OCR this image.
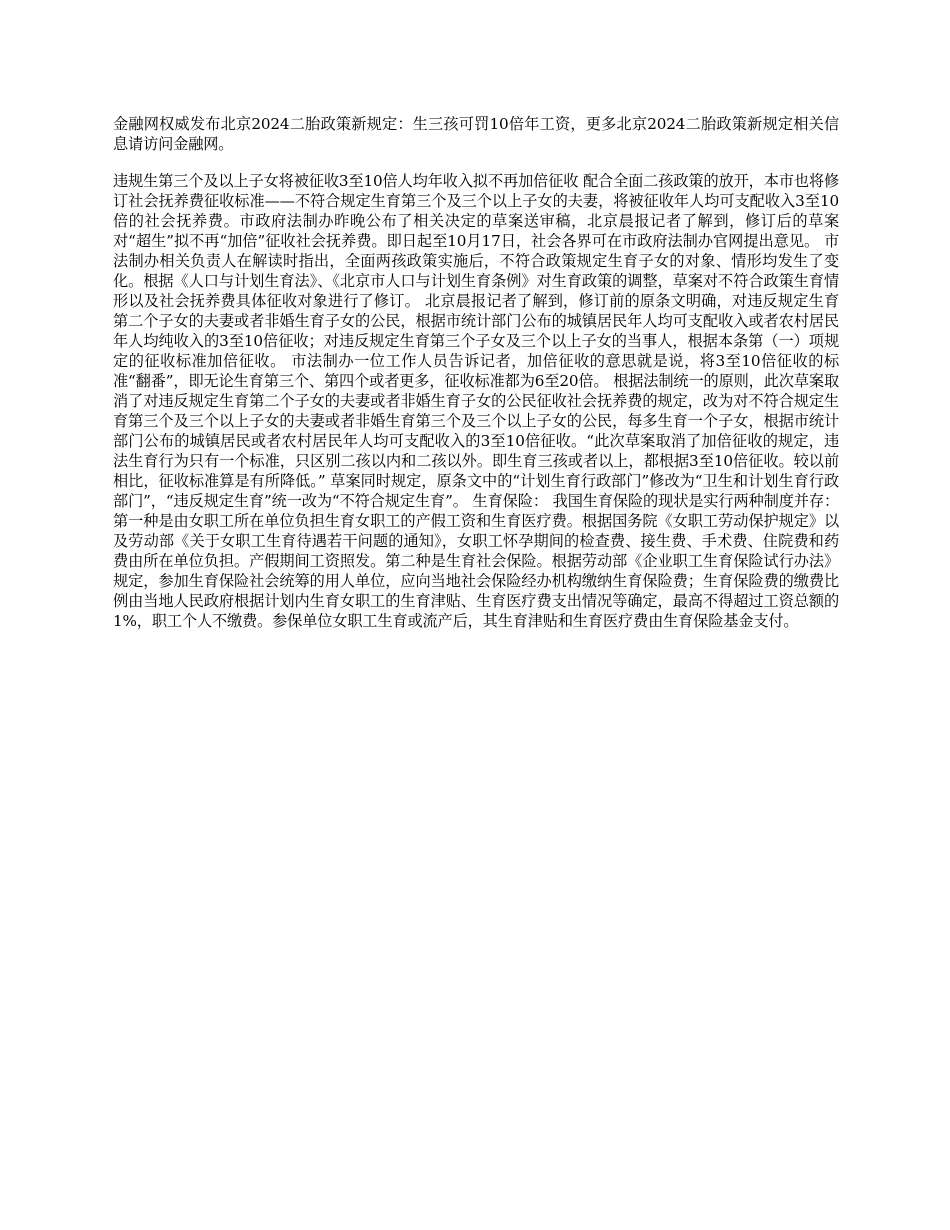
金融网权威发布北京2024二胎政策新规定：生三孩可罚10倍年工资，更多北京2024二胎政策新规定相关信息请访问金融网。

违规生第三个及以上子女将被征收3至10倍人均年收入拟不再加倍征收 配合全面二孩政策的放开，本市也将修订社会抚养费征收标准——不符合规定生育第三个及三个以上子女的夫妻，将被征收年人均可支配收入3至10倍的社会抚养费。市政府法制办昨晚公布了相关决定的草案送审稿，北京晨报记者了解到，修订后的草案对“超生”拟不再“加倍”征收社会抚养费。即日起至10月17日，社会各界可在市政府法制办官网提出意见。 市法制办相关负责人在解读时指出，全面两孩政策实施后，不符合政策规定生育子女的对象、情形均发生了变化。根据《人口与计划生育法》、《北京市人口与计划生育条例》对生育政策的调整，草案对不符合政策生育情形以及社会抚养费具体征收对象进行了修订。 北京晨报记者了解到，修订前的原条文明确，对违反规定生育第二个子女的夫妻或者非婚生育子女的公民，根据市统计部门公布的城镇居民年人均可支配收入或者农村居民年人均纯收入的3至10倍征收；对违反规定生育第三个子女及三个以上子女的当事人，根据本条第（一）项规定的征收标准加倍征收。 市法制办一位工作人员告诉记者，加倍征收的意思就是说，将3至10倍征收的标准“翻番”，即无论生育第三个、第四个或者更多，征收标准都为6至20倍。 根据法制统一的原则，此次草案取消了对违反规定生育第二个子女的夫妻或者非婚生育子女的公民征收社会抚养费的规定，改为对不符合规定生育第三个及三个以上子女的夫妻或者非婚生育第三个及三个以上子女的公民，每多生育一个子女，根据市统计部门公布的城镇居民或者农村居民年人均可支配收入的3至10倍征收。“此次草案取消了加倍征收的规定，违法生育行为只有一个标准，只区别二孩以内和二孩以外。即生育三孩或者以上，都根据3至10倍征收。较以前相比，征收标准算是有所降低。” 草案同时规定，原条文中的“计划生育行政部门”修改为“卫生和计划生育行政部门”，“违反规定生育”统一改为“不符合规定生育”。 生育保险： 我国生育保险的现状是实行两种制度并存： 第一种是由女职工所在单位负担生育女职工的产假工资和生育医疗费。根据国务院《女职工劳动保护规定》以及劳动部《关于女职工生育待遇若干问题的通知》，女职工怀孕期间的检查费、接生费、手术费、住院费和药费由所在单位负担。产假期间工资照发。第二种是生育社会保险。根据劳动部《企业职工生育保险试行办法》规定，参加生育保险社会统筹的用人单位，应向当地社会保险经办机构缴纳生育保险费；生育保险费的缴费比例由当地人民政府根据计划内生育女职工的生育津贴、生育医疗费支出情况等确定，最高不得超过工资总额的1%，职工个人不缴费。参保单位女职工生育或流产后，其生育津贴和生育医疗费由生育保险基金支付。
